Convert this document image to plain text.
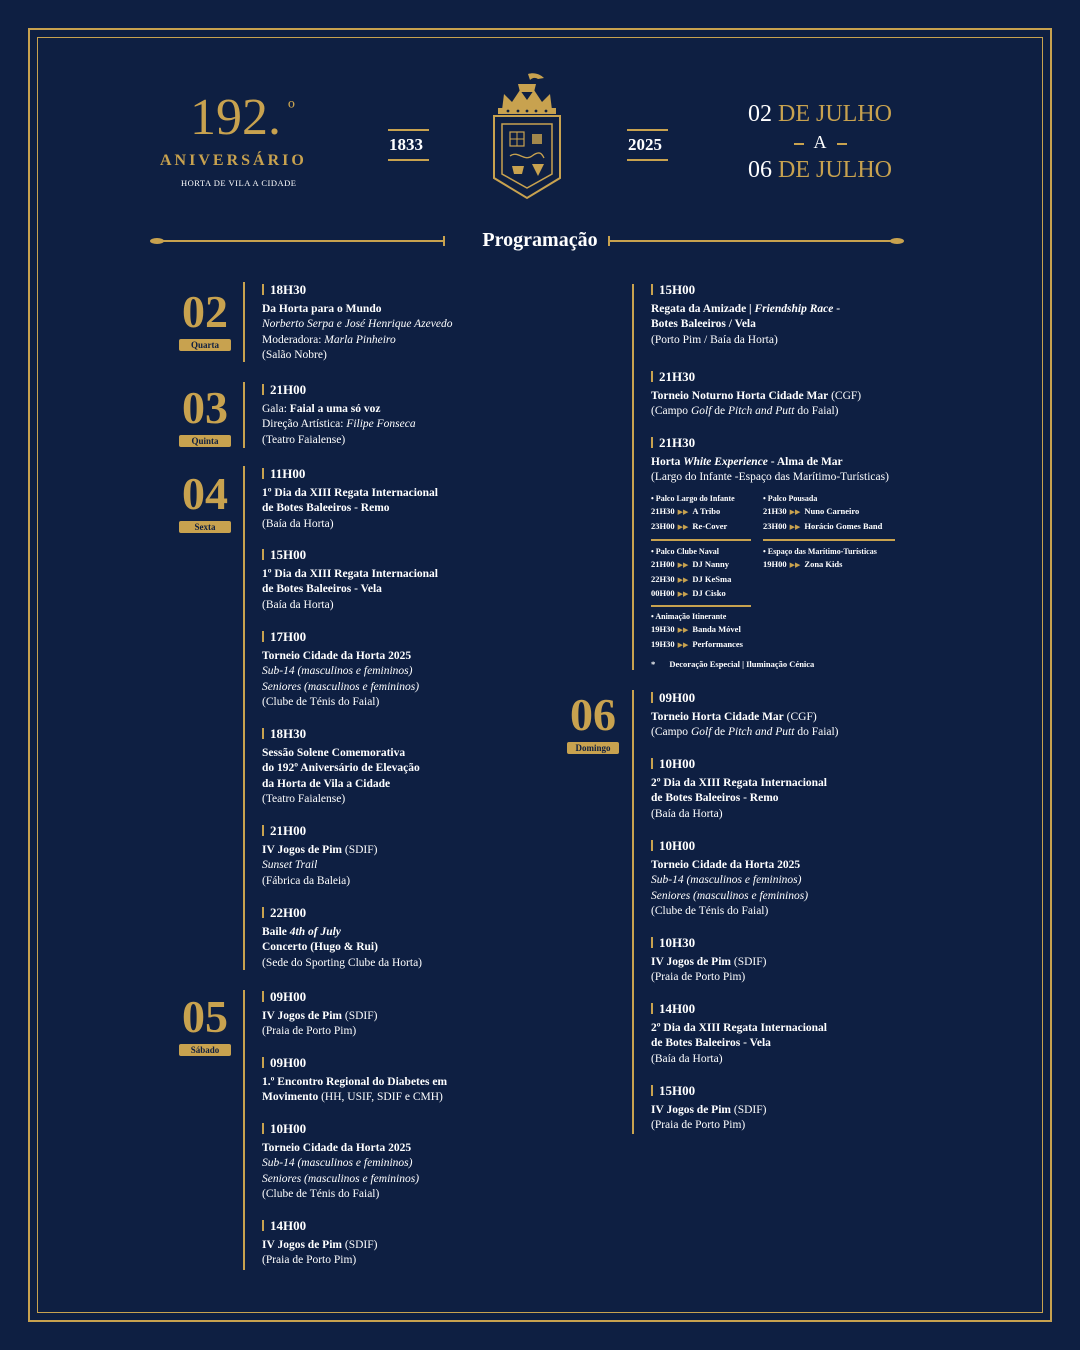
192. º
ANIVERSÁRIO
HORTA DE VILA A CIDADE
1833	2025
02 DE JULHO
A
06 DE JULHO
Programação
02
Quarta
03
Quinta
04
Sexta
05
Sábado
06
Domingo
18H30
Da Horta para o Mundo
Norberto Serpa e José Henrique Azevedo
Moderadora: Marla Pinheiro
(Salão Nobre)
21H00
Gala: Faial a uma só voz
Direção Artística: Filipe Fonseca
(Teatro Faialense)
11H00
1º Dia da XIII Regata Internacional
de Botes Baleeiros - Remo
(Baía da Horta)
15H00
1º Dia da XIII Regata Internacional
de Botes Baleeiros - Vela
(Baía da Horta)
17H00
Torneio Cidade da Horta 2025
Sub-14 (masculinos e femininos)
Seniores (masculinos e femininos)
(Clube de Ténis do Faial)
18H30
Sessão Solene Comemorativa
do 192º Aniversário de Elevação
da Horta de Vila a Cidade
(Teatro Faialense)
21H00
IV Jogos de Pim (SDIF)
Sunset Trail
(Fábrica da Baleia)
22H00
Baile 4th of July
Concerto (Hugo & Rui)
(Sede do Sporting Clube da Horta)
09H00
IV Jogos de Pim (SDIF)
(Praia de Porto Pim)
09H00
1.º Encontro Regional do Diabetes em
Movimento (HH, USIF, SDIF e CMH)
10H00
Torneio Cidade da Horta 2025
Sub-14 (masculinos e femininos)
Seniores (masculinos e femininos)
(Clube de Ténis do Faial)
14H00
IV Jogos de Pim (SDIF)
(Praia de Porto Pim)
15H00
Regata da Amizade | Friendship Race -
Botes Baleeiros / Vela
(Porto Pim / Baía da Horta)
21H30
Torneio Noturno Horta Cidade Mar (CGF)
(Campo Golf de Pitch and Putt do Faial)
21H30
Horta White Experience - Alma de Mar
(Largo do Infante -Espaço das Marítimo-Turísticas)
• Palco Largo do Infante
21H30 ▶▶ A Tribo
23H00 ▶▶ Re-Cover
• Palco Pousada
21H30 ▶▶ Nuno Carneiro
23H00 ▶▶ Horácio Gomes Band
• Palco Clube Naval
21H00 ▶▶ DJ Nanny
22H30 ▶▶ DJ KeSma
00H00 ▶▶ DJ Cisko
• Espaço das Marítimo-Turísticas
19H00 ▶▶ Zona Kids
• Animação Itinerante
19H30 ▶▶ Banda Móvel
19H30 ▶▶ Performances
* Decoração Especial | Iluminação Cénica
09H00
Torneio Horta Cidade Mar (CGF)
(Campo Golf de Pitch and Putt do Faial)
10H00
2º Dia da XIII Regata Internacional
de Botes Baleeiros - Remo
(Baía da Horta)
10H00
Torneio Cidade da Horta 2025
Sub-14 (masculinos e femininos)
Seniores (masculinos e femininos)
(Clube de Ténis do Faial)
10H30
IV Jogos de Pim (SDIF)
(Praia de Porto Pim)
14H00
2º Dia da XIII Regata Internacional
de Botes Baleeiros - Vela
(Baía da Horta)
15H00
IV Jogos de Pim (SDIF)
(Praia de Porto Pim)
